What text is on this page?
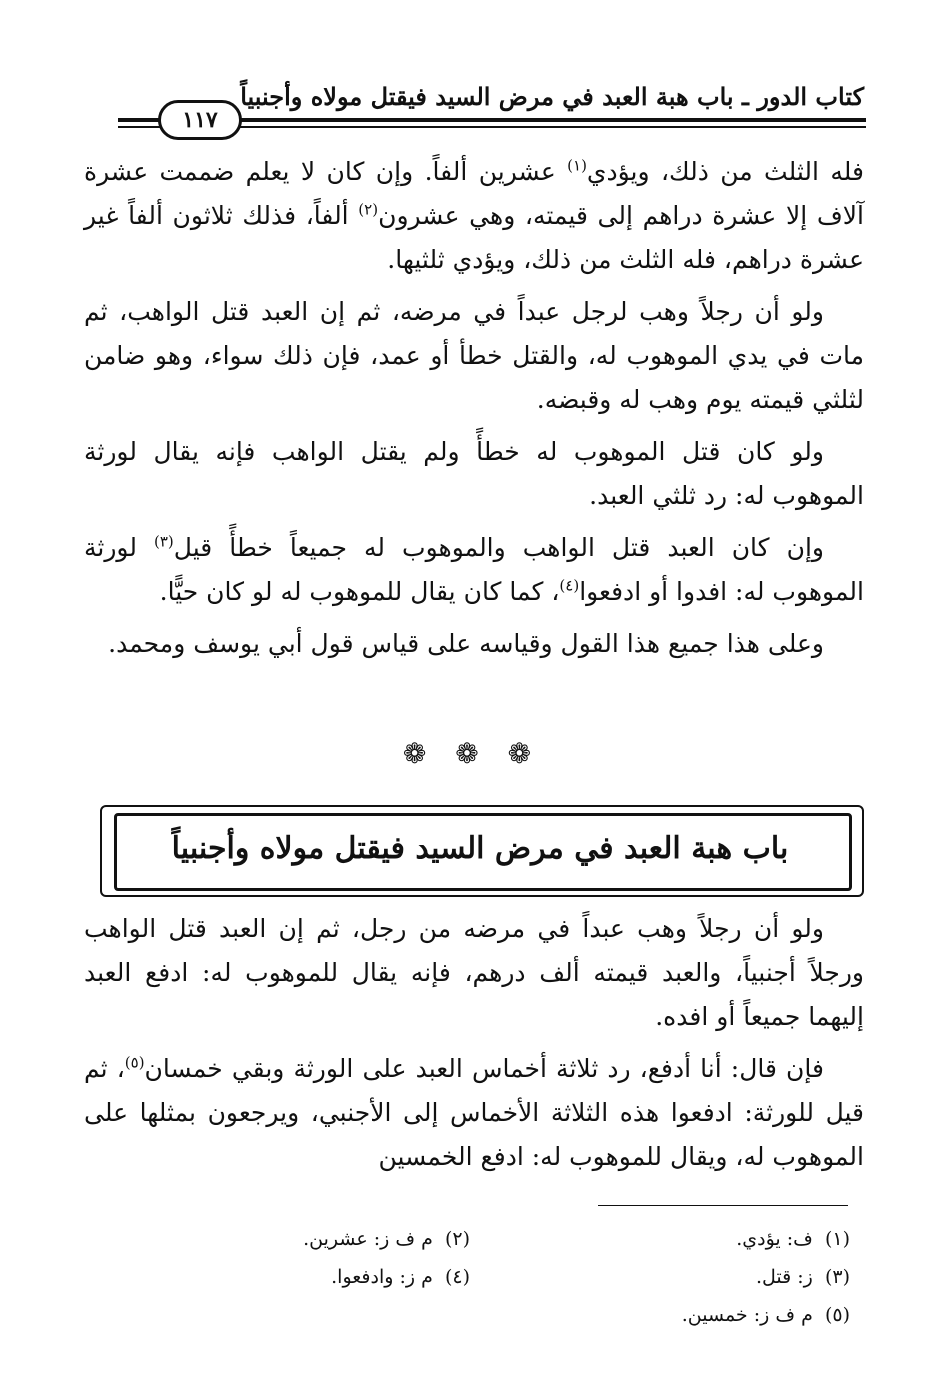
كتاب الدور ـ باب هبة العبد في مرض السيد فيقتل مولاه وأجنبياً
١١٧

فله الثلث من ذلك، ويؤدي$^{(١)}$ عشرين ألفاً. وإن كان لا يعلم ضممت عشرة آلاف إلا عشرة دراهم إلى قيمته، وهي عشرون$^{(٢)}$ ألفاً، فذلك ثلاثون ألفاً غير عشرة دراهم، فله الثلث من ذلك، ويؤدي ثلثيها.

ولو أن رجلاً وهب لرجل عبداً في مرضه، ثم إن العبد قتل الواهب، ثم مات في يدي الموهوب له، والقتل خطأ أو عمد، فإن ذلك سواء، وهو ضامن لثلثي قيمته يوم وهب له وقبضه.

ولو كان قتل الموهوب له خطأً ولم يقتل الواهب فإنه يقال لورثة الموهوب له: رد ثلثي العبد.

وإن كان العبد قتل الواهب والموهوب له جميعاً خطأً قيل$^{(٣)}$ لورثة الموهوب له: افدوا أو ادفعوا$^{(٤)}$، كما كان يقال للموهوب له لو كان حيًّا.

وعلى هذا جميع هذا القول وقياسه على قياس قول أبي يوسف ومحمد.

❁ ❁ ❁
باب هبة العبد في مرض السيد فيقتل مولاه وأجنبياً

ولو أن رجلاً وهب عبداً في مرضه من رجل، ثم إن العبد قتل الواهب ورجلاً أجنبياً، والعبد قيمته ألف درهم، فإنه يقال للموهوب له: ادفع العبد إليهما جميعاً أو افده.

فإن قال: أنا أدفع، رد ثلاثة أخماس العبد على الورثة وبقي خمسان$^{(٥)}$، ثم قيل للورثة: ادفعوا هذه الثلاثة الأخماس إلى الأجنبي، ويرجعون بمثلها على الموهوب له، ويقال للموهوب له: ادفع الخمسين

(١)  ف: يؤدي.
(٢)  م ف ز: عشرين.
(٣)  ز: قتل.
(٤)  م ز: وادفعوا.
(٥)  م ف ز: خمسين.
